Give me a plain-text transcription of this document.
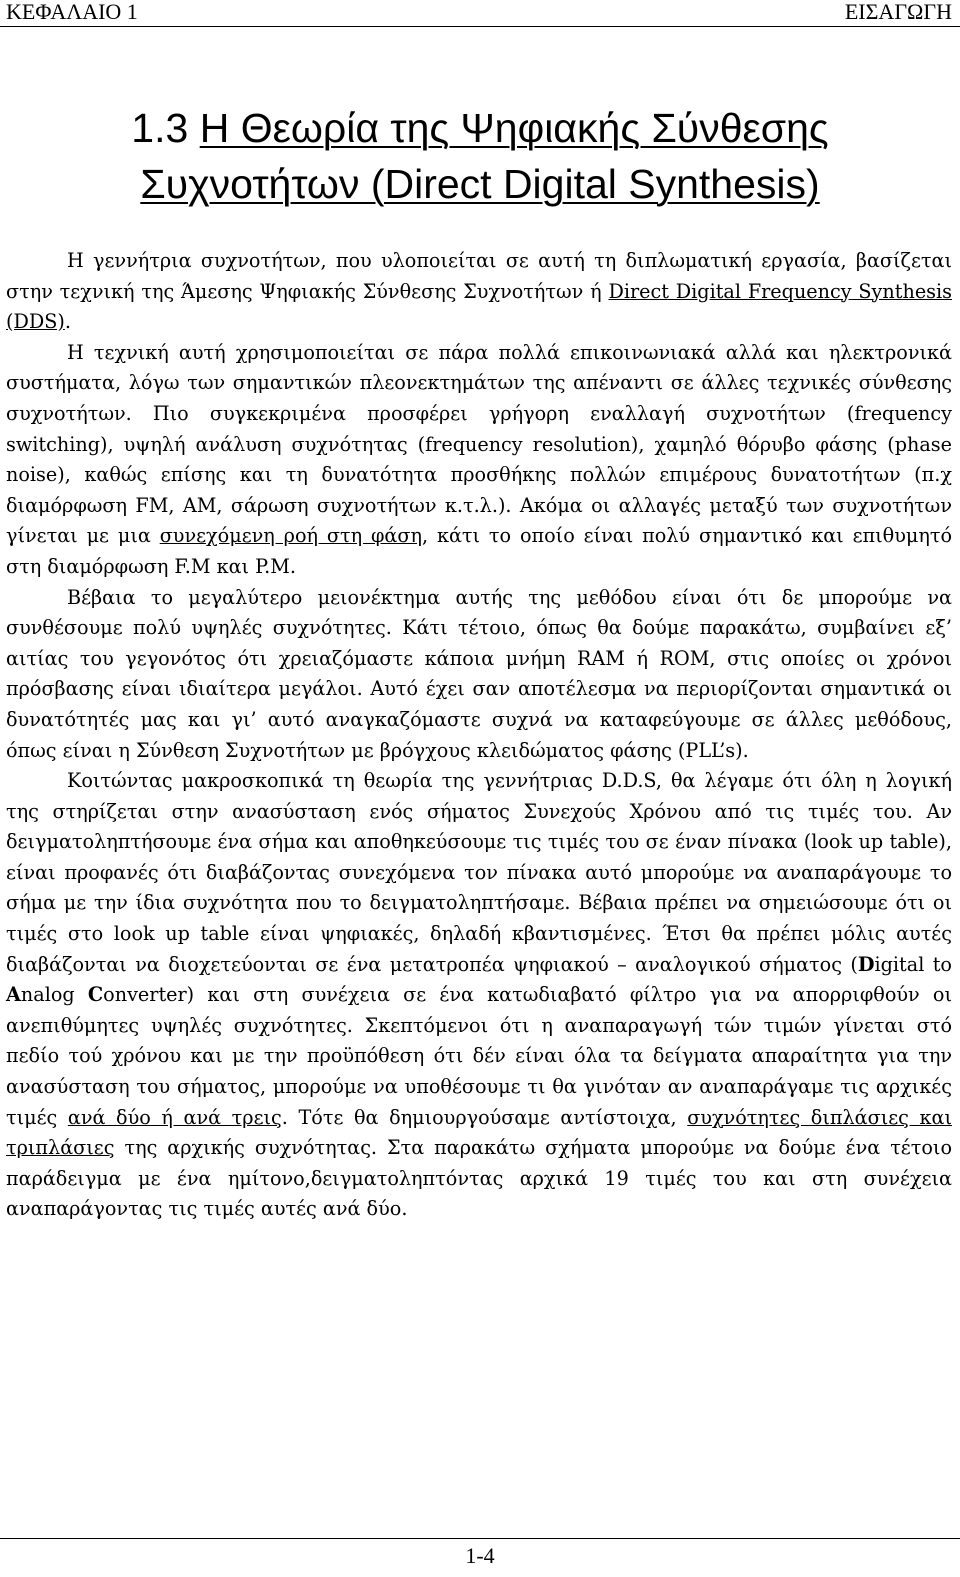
ΚΕΦΑΛΑΙΟ 1	ΕΙΣΑΓΩΓΗ
1.3 Η Θεωρία της Ψηφιακής Σύνθεσης
Συχνοτήτων (Direct Digital Synthesis)

Η γεννήτρια συχνοτήτων, που υλοποιείται σε αυτή τη διπλωματική εργασία, βασίζεται στην τεχνική της Άμεσης Ψηφιακής Σύνθεσης Συχνοτήτων ή Direct Digital Frequency Synthesis (DDS).

Η τεχνική αυτή χρησιμοποιείται σε πάρα πολλά επικοινωνιακά αλλά και ηλεκτρονικά συστήματα, λόγω των σημαντικών πλεονεκτημάτων της απέναντι σε άλλες τεχνικές σύνθεσης συχνοτήτων. Πιο συγκεκριμένα προσφέρει γρήγορη εναλλαγή συχνοτήτων (frequency switching), υψηλή ανάλυση συχνότητας (frequency resolution), χαμηλό θόρυβο φάσης (phase noise), καθώς επίσης και τη δυνατότητα προσθήκης πολλών επιμέρους δυνατοτήτων (π.χ διαμόρφωση FM, AM, σάρωση συχνοτήτων κ.τ.λ.). Ακόμα οι αλλαγές μεταξύ των συχνοτήτων γίνεται με μια συνεχόμενη ροή στη φάση, κάτι το οποίο είναι πολύ σημαντικό και επιθυμητό στη διαμόρφωση F.M και P.M.

Βέβαια το μεγαλύτερο μειονέκτημα αυτής της μεθόδου είναι ότι δε μπορούμε να συνθέσουμε πολύ υψηλές συχνότητες. Κάτι τέτοιο, όπως θα δούμε παρακάτω, συμβαίνει εξ’ αιτίας του γεγονότος ότι χρειαζόμαστε κάποια μνήμη RAM ή ROM, στις οποίες οι χρόνοι πρόσβασης είναι ιδιαίτερα μεγάλοι. Αυτό έχει σαν αποτέλεσμα να περιορίζονται σημαντικά οι δυνατότητές μας και γι’ αυτό αναγκαζόμαστε συχνά να καταφεύγουμε σε άλλες μεθόδους, όπως είναι η Σύνθεση Συχνοτήτων με βρόγχους κλειδώματος φάσης (PLL’s).

Κοιτώντας μακροσκοπικά τη θεωρία της γεννήτριας D.D.S, θα λέγαμε ότι όλη η λογική της στηρίζεται στην ανασύσταση ενός σήματος Συνεχούς Χρόνου από τις τιμές του. Αν δειγματοληπτήσουμε ένα σήμα και αποθηκεύσουμε τις τιμές του σε έναν πίνακα (look up table), είναι προφανές ότι διαβάζοντας συνεχόμενα τον πίνακα αυτό μπορούμε να αναπαράγουμε το σήμα με την ίδια συχνότητα που το δειγματοληπτήσαμε. Βέβαια πρέπει να σημειώσουμε ότι οι τιμές στο look up table είναι ψηφιακές, δηλαδή κβαντισμένες. Έτσι θα πρέπει μόλις αυτές διαβάζονται να διοχετεύονται σε ένα μετατροπέα ψηφιακού – αναλογικού σήματος (Digital to Analog Converter) και στη συνέχεια σε ένα κατωδιαβατό φίλτρο για να απορριφθούν οι ανεπιθύμητες υψηλές συχνότητες. Σκεπτόμενοι ότι η αναπαραγωγή τών τιμών γίνεται στό πεδίο τού χρόνου και με την προϋπόθεση ότι δέν είναι όλα τα δείγματα απαραίτητα για την ανασύσταση του σήματος, μπορούμε να υποθέσουμε τι θα γινόταν αν αναπαράγαμε τις αρχικές τιμές ανά δύο ή ανά τρεις. Τότε θα δημιουργούσαμε αντίστοιχα, συχνότητες διπλάσιες και τριπλάσιες της αρχικής συχνότητας. Στα παρακάτω σχήματα μπορούμε να δούμε ένα τέτοιο παράδειγμα με ένα ημίτονο,δειγματοληπτόντας αρχικά 19 τιμές του και στη συνέχεια αναπαράγοντας τις τιμές αυτές ανά δύο.

1-4
